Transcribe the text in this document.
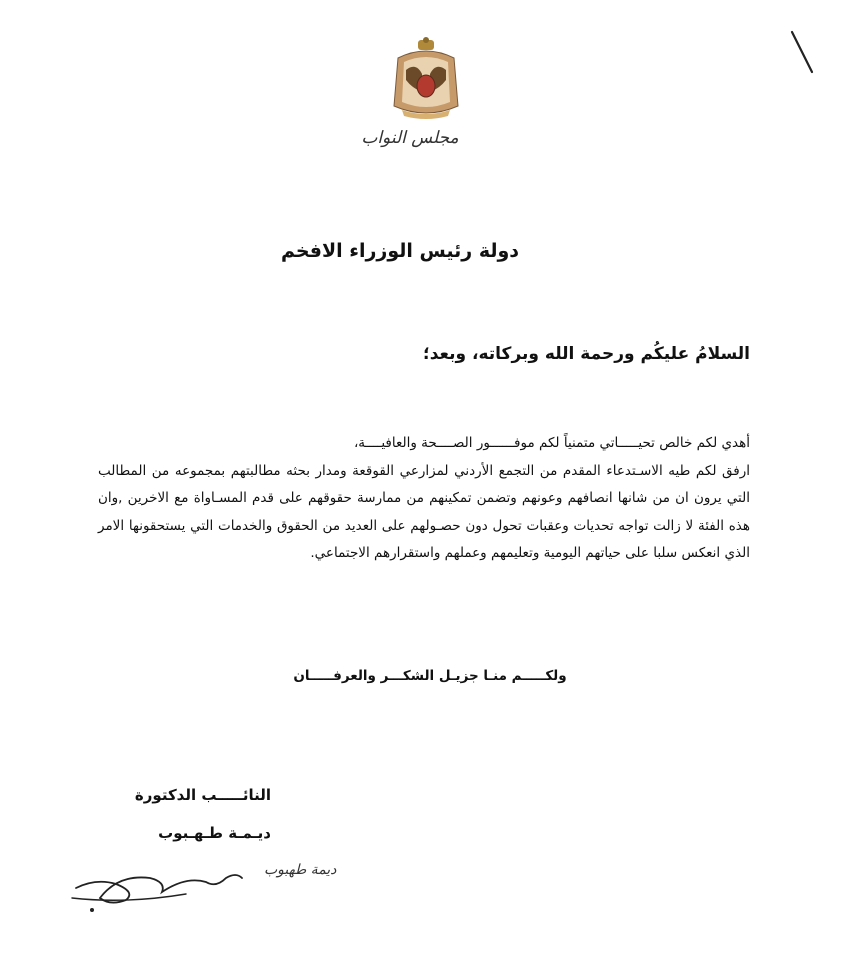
مجلس النواب
دولة رئيس الوزراء الافخم
السلامُ عليكُم ورحمة الله وبركاته، وبعد؛

أهدي لكم خالص تحيـــــاتي متمنياً لكم موفــــــور الصــــحة والعافيــــة،

ارفق لكم طيه الاسـتدعاء المقدم من التجمع الأردني لمزارعي القوقعة ومدار بحثه مطالبتهم بمجموعه من المطالب التي يرون ان من شانها انصافهم وعونهم وتضمن تمكينهم من ممارسة حقوقهم على قدم المسـاواة مع الاخرين ,وان هذه الفئة لا زالت تواجه تحديات وعقبات تحول دون حصـولهم على العديد من الحقوق والخدمات التي يستحقونها الامر الذي انعكس سلبا على حياتهم اليومية وتعليمهم وعملهم واستقرارهم الاجتماعي.

ولكـــــم منـا جزيـل الشكـــر والعرفـــــان
النائـــــب الدكتورة
ديـمـة طـهـبوب
ديمة طهبوب
